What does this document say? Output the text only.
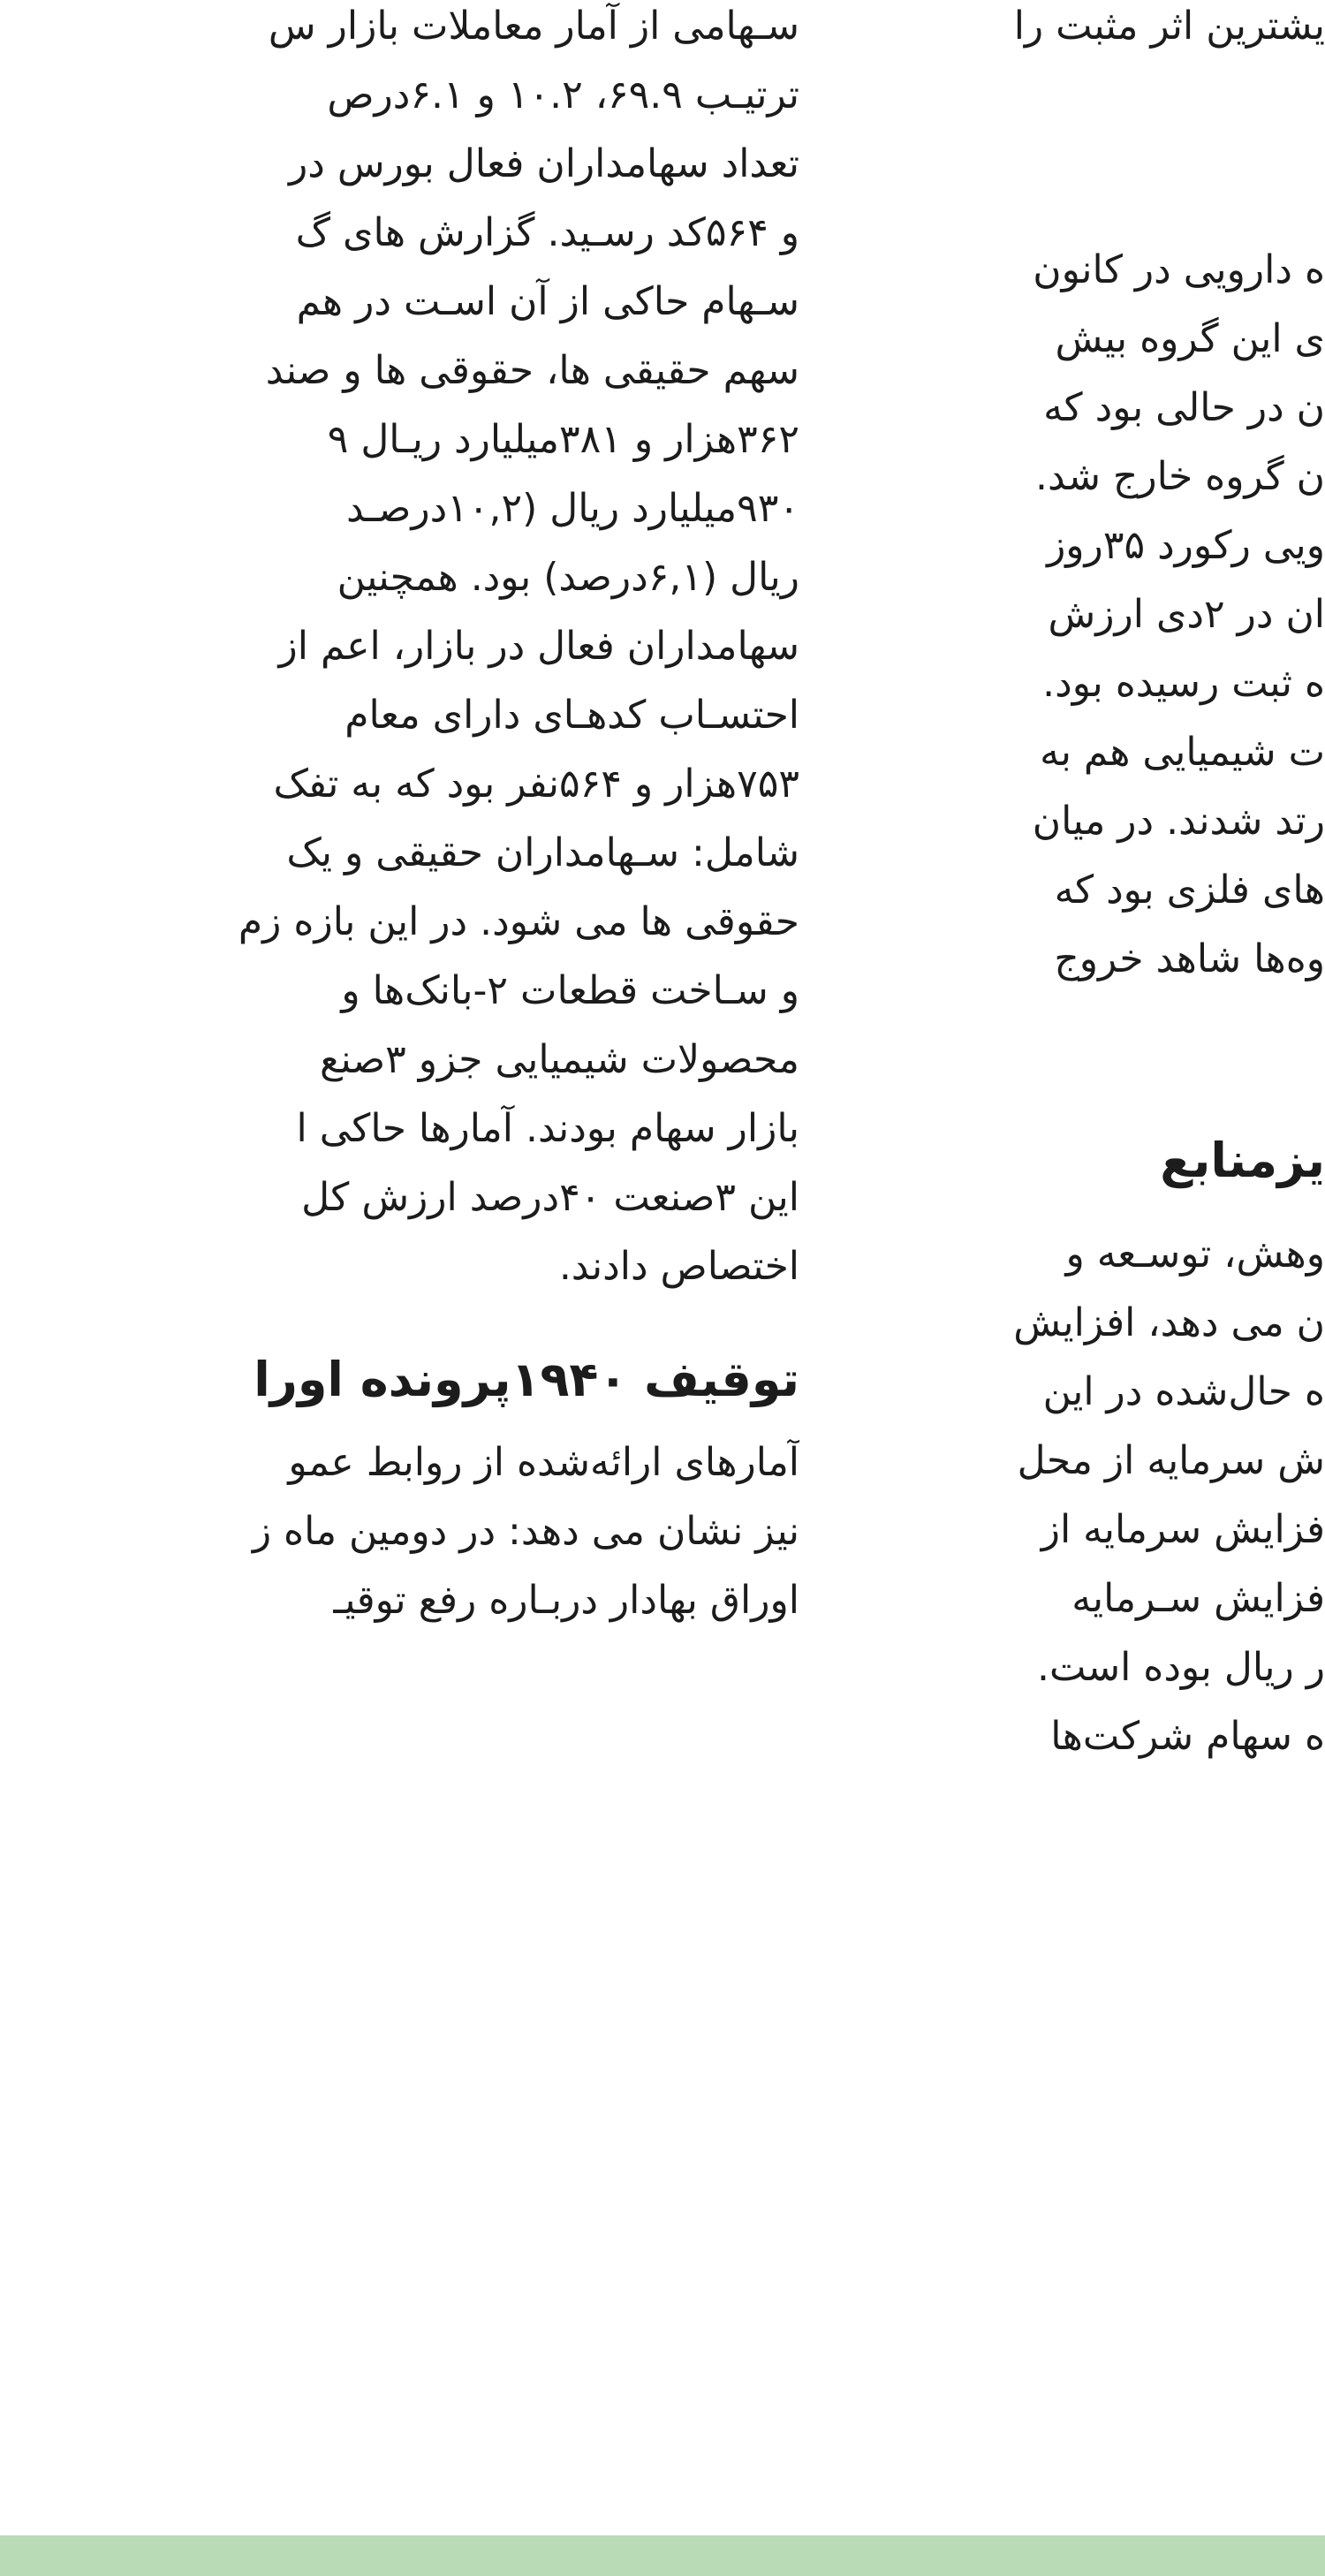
سـهامی از آمار معاملات بازار س
ترتیـب ۶۹.۹، ۱۰.۲ و ۶.۱درص
تعداد سهامداران فعال بورس در
و ۵۶۴کد رسـید. گزارش های گ
سـهام حاکی از آن اسـت در هم
سهم حقیقی ها، حقوقی ها و صند
۳۶۲هزار و ۳۸۱میلیارد ریـال ۹
۹۳۰میلیارد ریال (۱۰,۲درصـد
ریال (۶,۱درصد) بود. همچنین
سهامداران فعال در بازار، اعم از
احتسـاب کدهـای دارای معام
۷۵۳هزار و ۵۶۴نفر بود که به تفک
شامل: سـهامداران حقیقی و یک
حقوقی ها می شود. در این بازه زم
و سـاخت قطعات ۲-بانک‌ها و
محصولات شیمیایی جزو ۳صنع
بازار سهام بودند. آمارها حاکی ا
این ۳صنعت ۴۰درصد ارزش کل
اختصاص دادند.
توقیف ۱۹۴۰پرونده اورا
آمارهای ارائه‌شده از روابط عمو
نیز نشان می دهد: در دومین ماه ز
اوراق بهادار دربـاره رفع توقیـ
یشترین اثر مثبت را
ه دارویی در کانون
ی این گروه بیش
ن در حالی بود که
ن گروه خارج شد.
ویی رکورد ۳۵روز
ان در ۲دی ارزش
ه ثبت رسیده بود.
ت شیمیایی هم به
رتد شدند. در میان
های فلزی بود که
وه‌ها شاهد خروج
یزمنابع
وهش، توسـعه و
ن می دهد، افزایش
ه حال‌شده در این
ش سرمایه از محل
فزایش سرمایه از
فزایش سـرمایه
ر ریال بوده است.
ه سهام شرکت‌ها
